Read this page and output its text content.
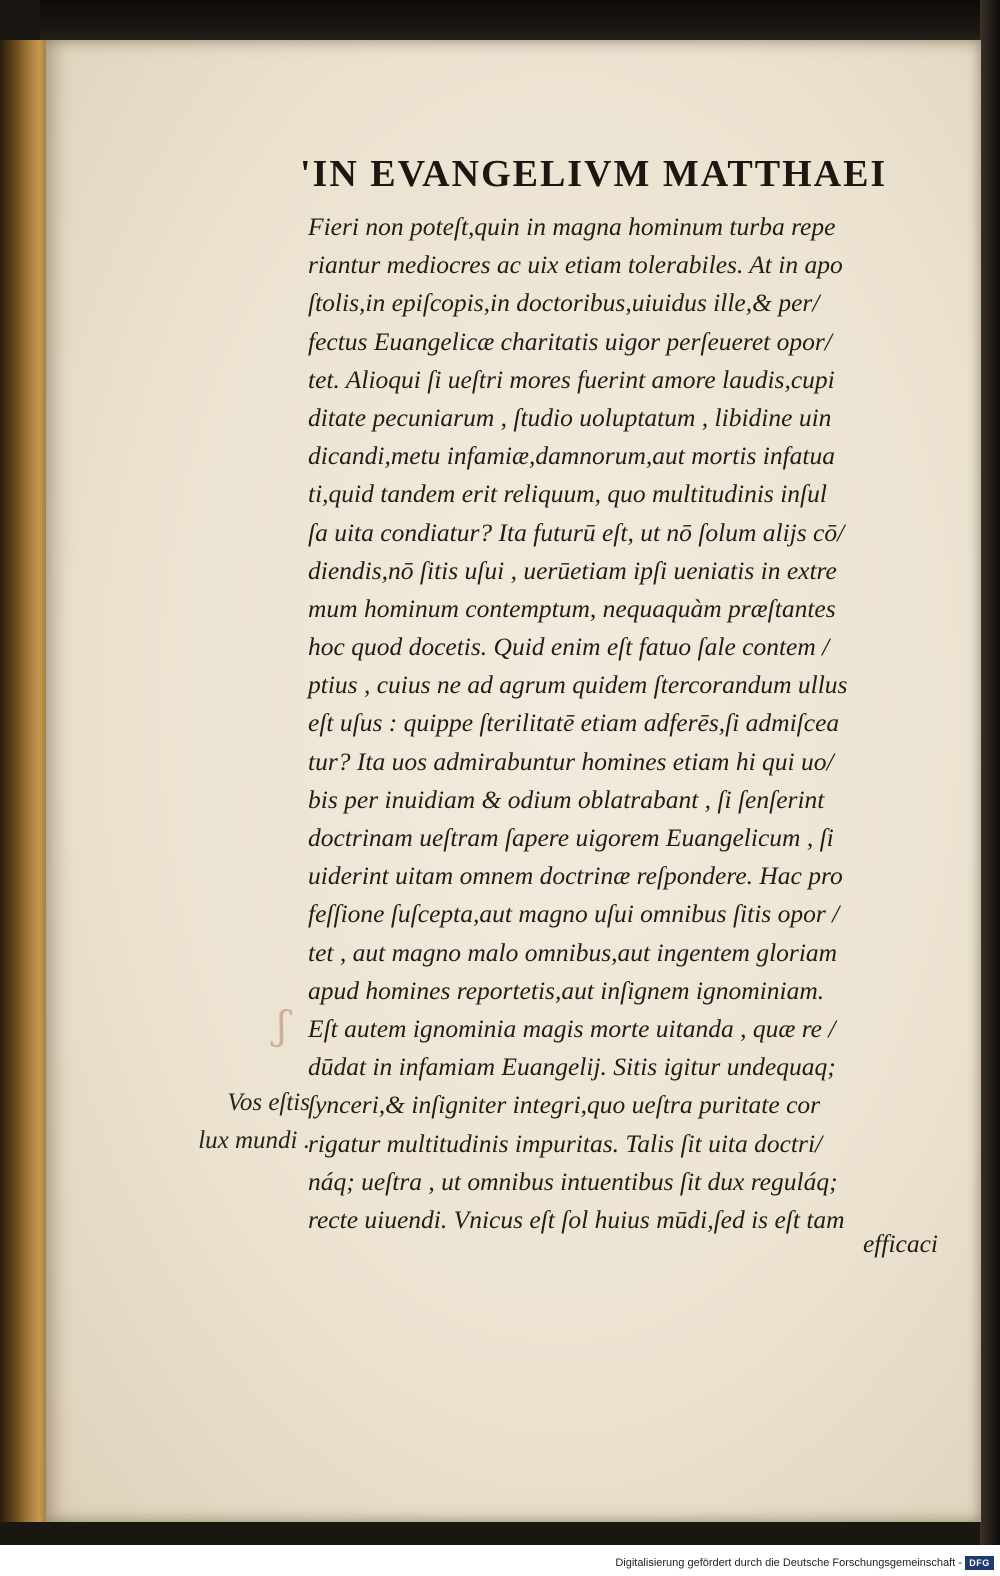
'IN EVANGELIVM MATTHAEI
Fieri non poteſt,quin in magna hominum turba repe
riantur mediocres ac uix etiam tolerabiles. At in apo
ſtolis,in epiſcopis,in doctoribus,uiuidus ille,& per/
fectus Euangelicæ charitatis uigor perſeueret opor/
tet. Alioqui ſi ueſtri mores fuerint amore laudis,cupi
ditate pecuniarum , ſtudio uoluptatum , libidine uin
dicandi,metu infamiæ,damnorum,aut mortis infatua
ti,quid tandem erit reliquum, quo multitudinis inſul
ſa uita condiatur? Ita futurū eſt, ut nō ſolum alijs cō/
diendis,nō ſitis uſui , uerūetiam ipſi ueniatis in extre
mum hominum contemptum, nequaquàm præſtantes
hoc quod docetis. Quid enim eſt fatuo ſale contem /
ptius , cuius ne ad agrum quidem ſtercorandum ullus
eſt uſus : quippe ſterilitatē etiam adferēs,ſi admiſcea
tur? Ita uos admirabuntur homines etiam hi qui uo/
bis per inuidiam & odium oblatrabant , ſi ſenſerint
doctrinam ueſtram ſapere uigorem Euangelicum , ſi
uiderint uitam omnem doctrinæ reſpondere. Hac pro
feſſione ſuſcepta,aut magno uſui omnibus ſitis opor /
tet , aut magno malo omnibus,aut ingentem gloriam
apud homines reportetis,aut inſignem ignominiam.
Eſt autem ignominia magis morte uitanda , quæ re /
dūdat in infamiam Euangelij. Sitis igitur undequaq;
ſynceri,& inſigniter integri,quo ueſtra puritate cor
rigatur multitudinis impuritas. Talis ſit uita doctri/
náq; ueſtra , ut omnibus intuentibus ſit dux reguláq;
recte uiuendi. Vnicus eſt ſol huius mūdi,ſed is eſt tam
efficaci
Vos eſtis
lux mundi .
ʃ
Digitalisierung gefördert durch die Deutsche Forschungsgemeinschaft - DFG
